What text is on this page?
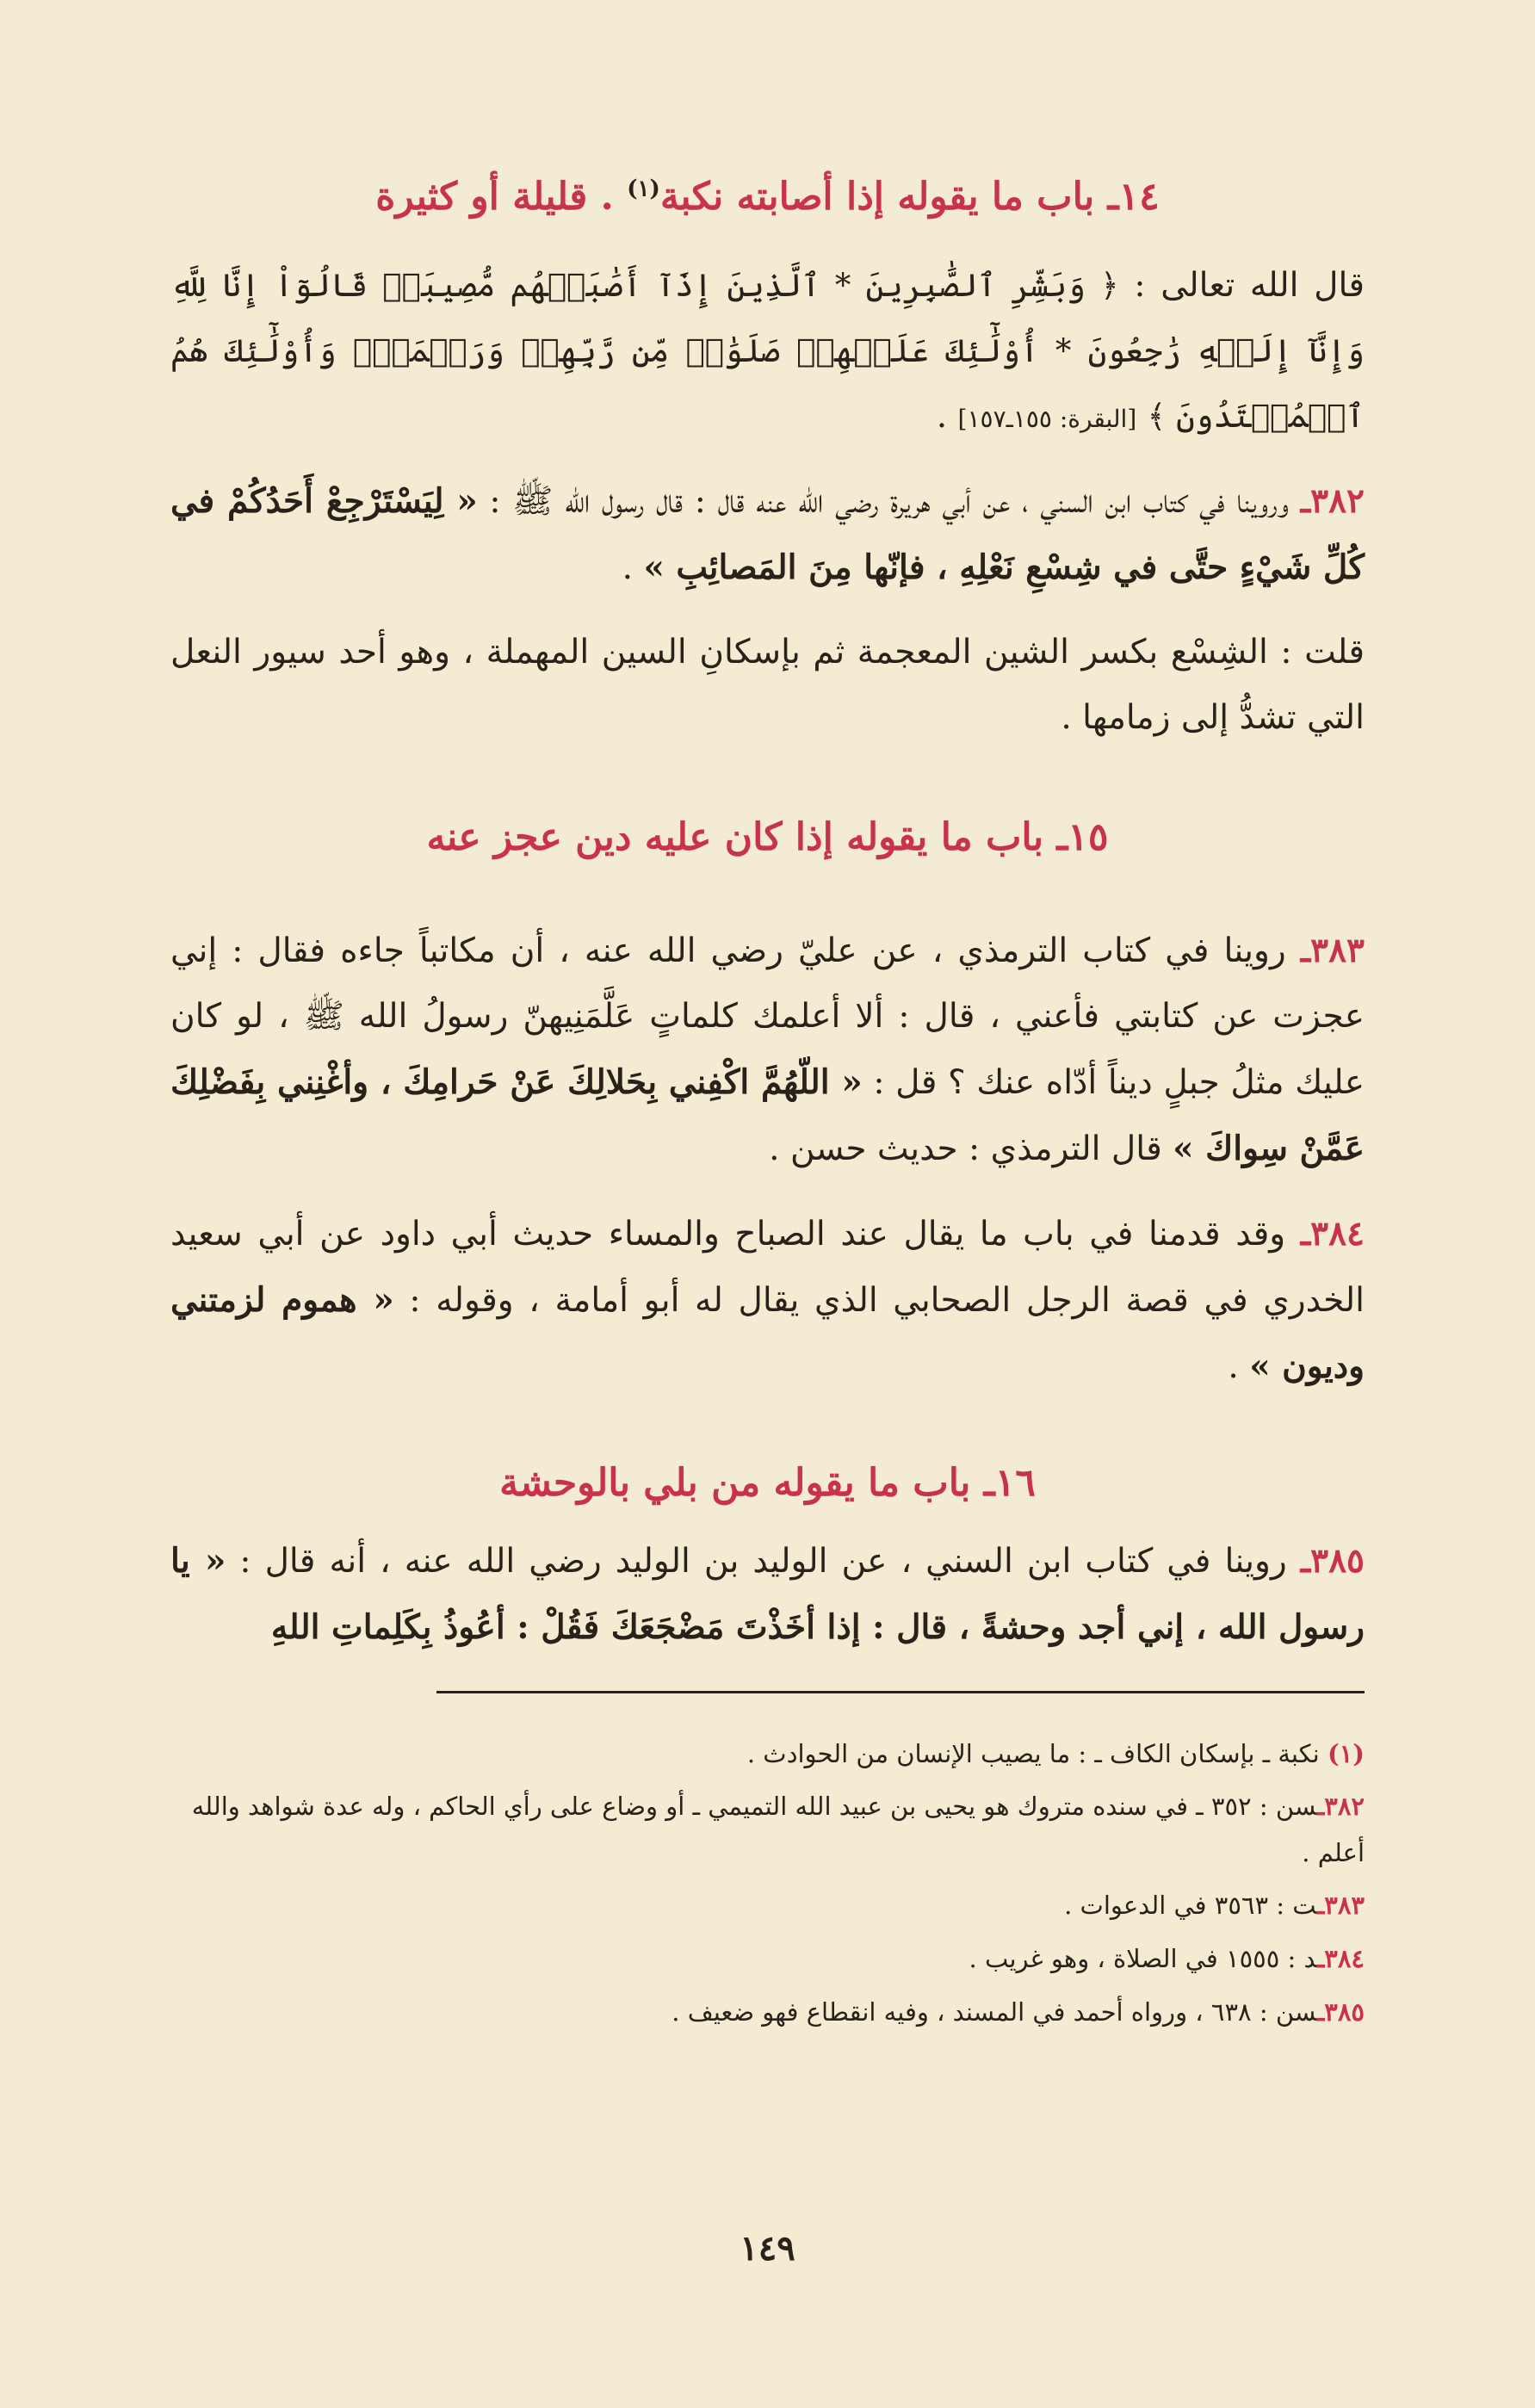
١٤ـ باب ما يقوله إذا أصابته نكبة$^{(١)}$ . قليلة أو كثيرة

قال الله تعالى : ﴿ وَبَشِّرِ ٱلصَّٰبِرِينَ * ٱلَّذِينَ إِذَآ أَصَٰبَتۡهُم مُّصِيبَةٞ قَالُوٓاْ إِنَّا لِلَّهِ وَإِنَّآ إِلَيۡهِ رَٰجِعُونَ * أُوْلَٰٓئِكَ عَلَيۡهِمۡ صَلَوَٰتٞ مِّن رَّبِّهِمۡ وَرَحۡمَةٞۖ وَأُوْلَٰٓئِكَ هُمُ ٱلۡمُهۡتَدُونَ ﴾ [البقرة: ١٥٥ـ١٥٧] .

٣٨٢ـ وروينا في كتاب ابن السني ، عن أبي هريرة رضي الله عنه قال : قال رسول الله ﷺ : « لِيَسْتَرْجِعْ أَحَدُكُمْ في كُلِّ شَيْءٍ حتَّى في شِسْعِ نَعْلِهِ ، فإنّها مِنَ المَصائِبِ » .

قلت : الشِسْع بكسر الشين المعجمة ثم بإسكانِ السين المهملة ، وهو أحد سيور النعل التي تشدُّ إلى زمامها .

١٥ـ باب ما يقوله إذا كان عليه دين عجز عنه

٣٨٣ـ روينا في كتاب الترمذي ، عن عليّ رضي الله عنه ، أن مكاتباً جاءه فقال : إني عجزت عن كتابتي فأعني ، قال : ألا أعلمك كلماتٍ عَلَّمَنِيهنّ رسولُ الله ﷺ ، لو كان عليك مثلُ جبلٍ ديناً أدّاه عنك ؟ قل : « اللّهُمَّ اكْفِني بِحَلالِكَ عَنْ حَرامِكَ ، وأغْنِني بِفَضْلِكَ عَمَّنْ سِواكَ » قال الترمذي : حديث حسن .

٣٨٤ـ وقد قدمنا في باب ما يقال عند الصباح والمساء حديث أبي داود عن أبي سعيد الخدري في قصة الرجل الصحابي الذي يقال له أبو أمامة ، وقوله : « هموم لزمتني وديون » .

١٦ـ باب ما يقوله من بلي بالوحشة

٣٨٥ـ روينا في كتاب ابن السني ، عن الوليد بن الوليد رضي الله عنه ، أنه قال : « يا رسول الله ، إني أجد وحشةً ، قال : إذا أخَذْتَ مَضْجَعَكَ فَقُلْ : أعُوذُ بِكَلِماتِ اللهِ

(١) نكبة ـ بإسكان الكاف ـ : ما يصيب الإنسان من الحوادث .

٣٨٢ـسن : ٣٥٢ ـ في سنده متروك هو يحيى بن عبيد الله التميمي ـ أو وضاع على رأي الحاكم ، وله عدة شواهد والله أعلم .

٣٨٣ـت : ٣٥٦٣ في الدعوات .

٣٨٤ـد : ١٥٥٥ في الصلاة ، وهو غريب .

٣٨٥ـسن : ٦٣٨ ، ورواه أحمد في المسند ، وفيه انقطاع فهو ضعيف .

١٤٩
